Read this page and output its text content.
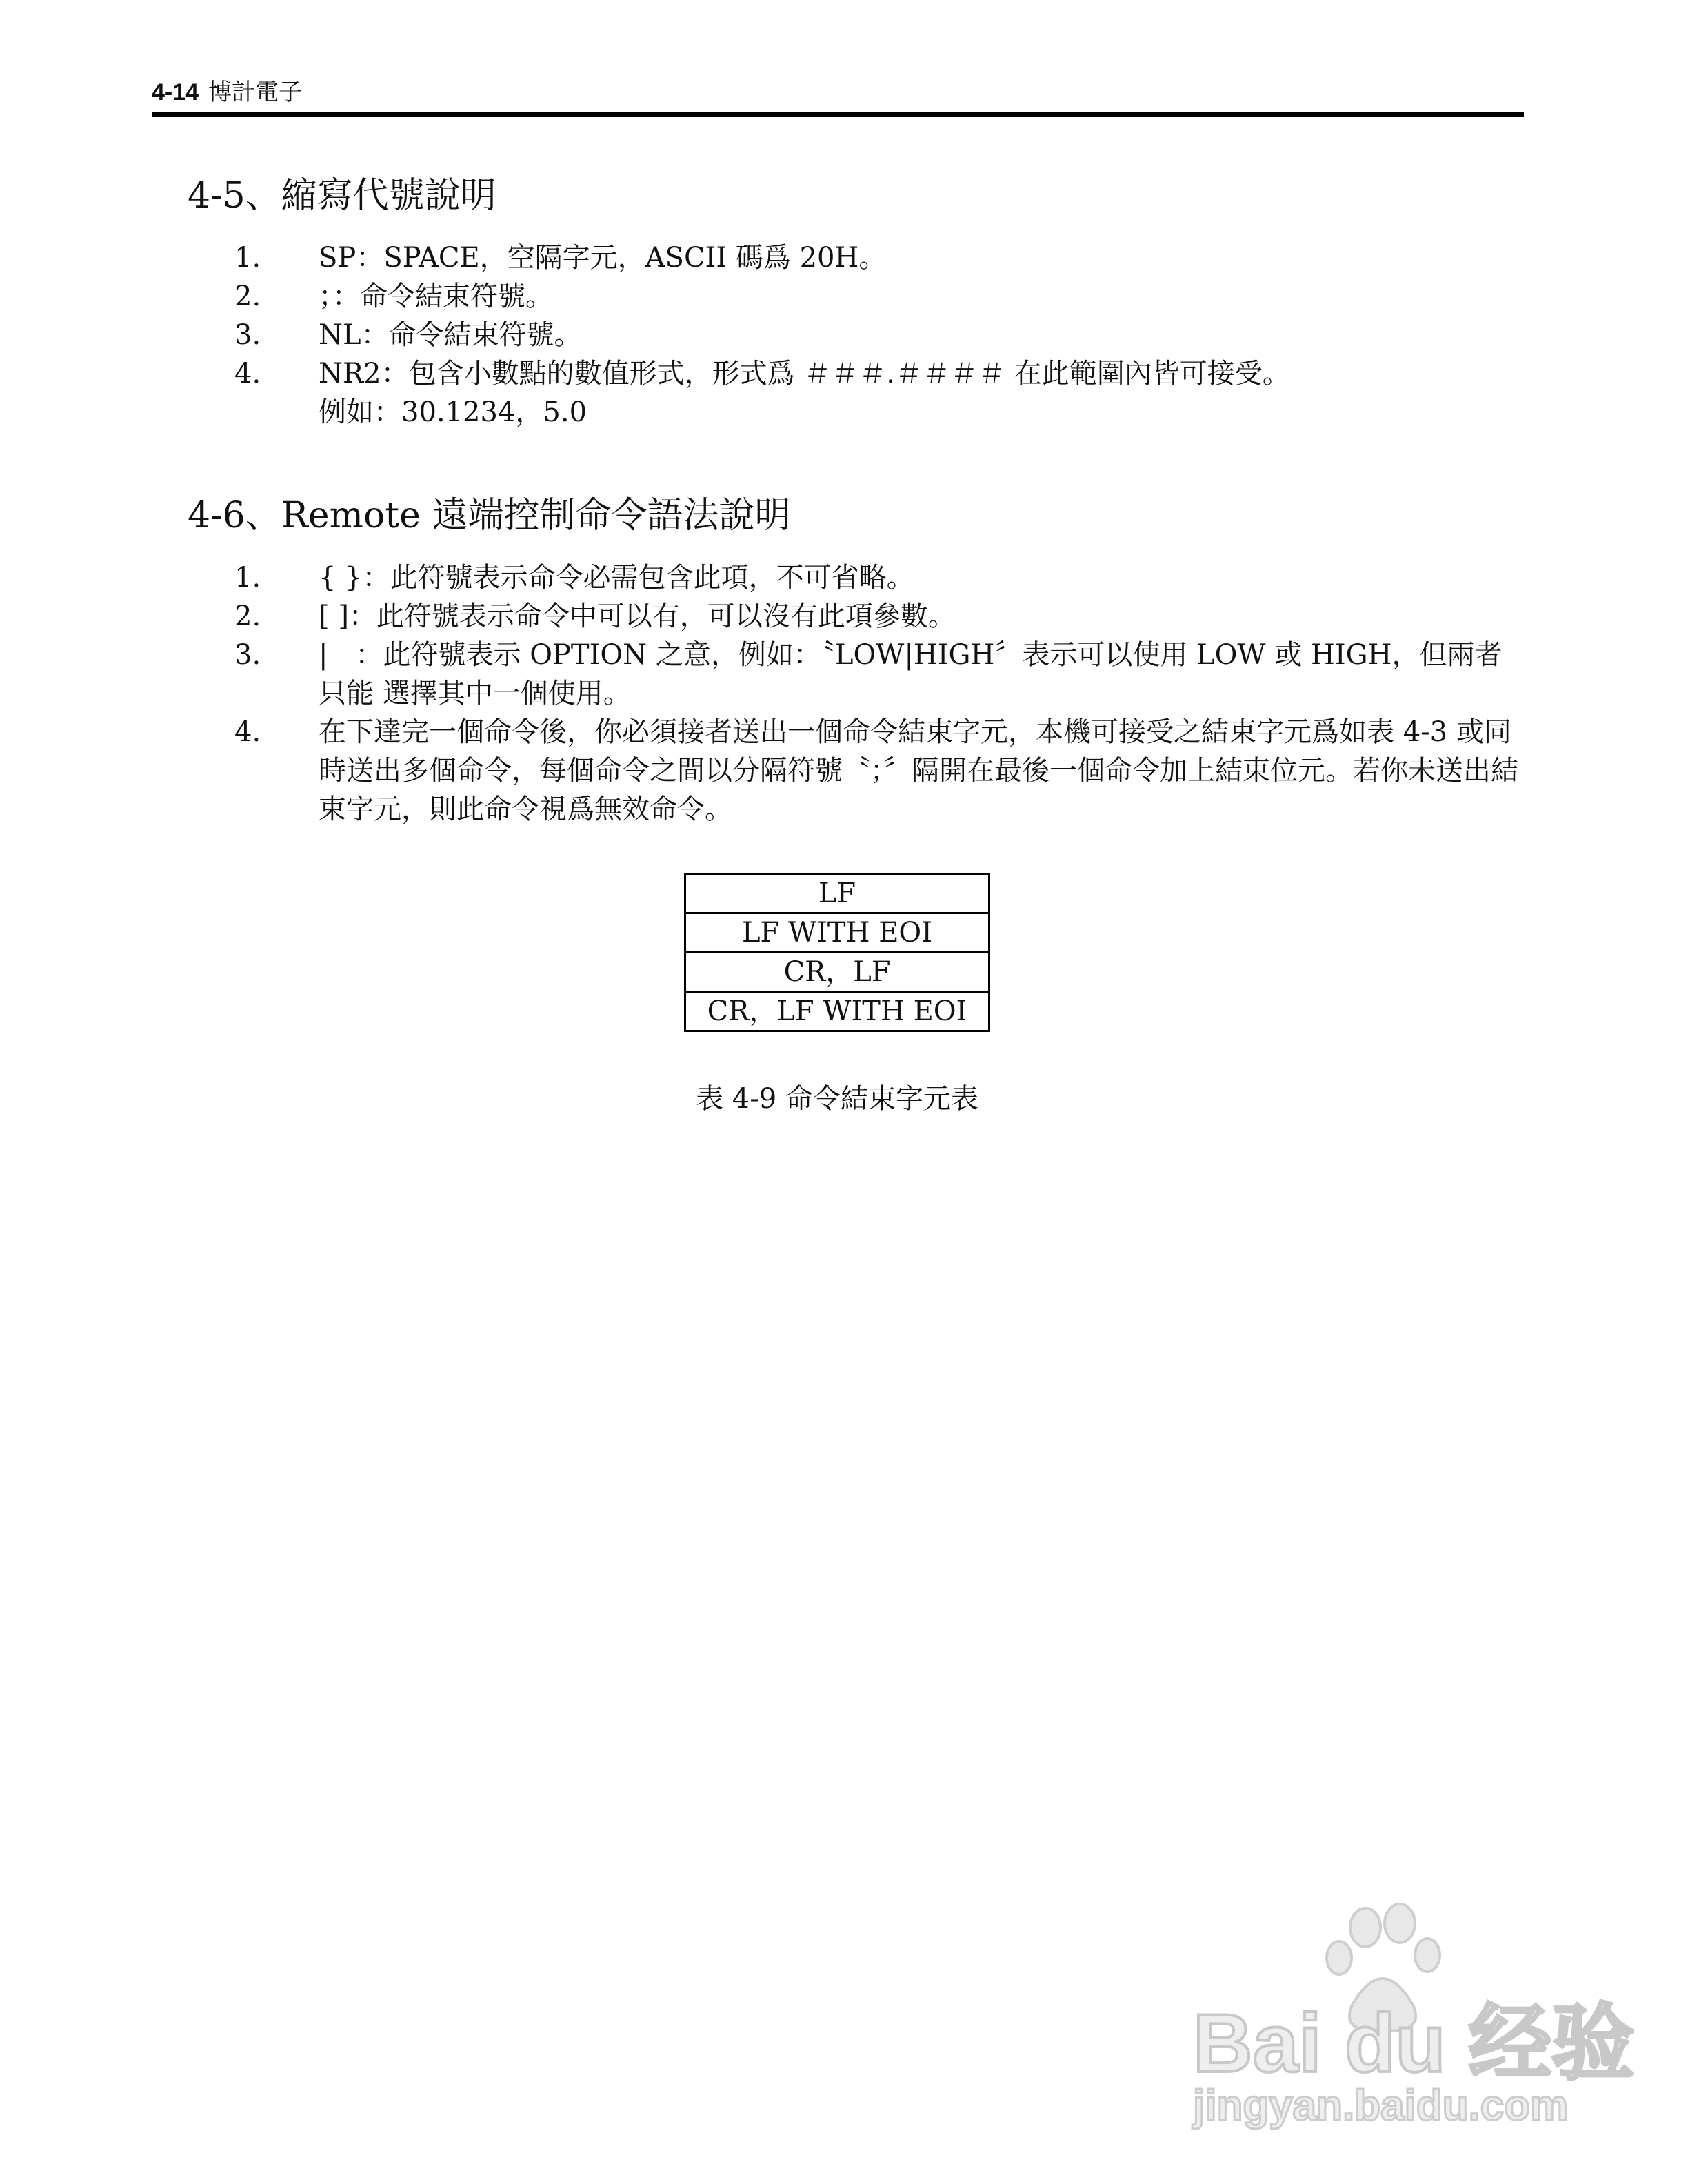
4-14 博計電子
4-5、縮寫代號說明
1.	SP：SPACE，空隔字元，ASCII 碼爲 20H。
2.	；：命令結束符號。
3.	NL：命令結束符號。
4.	NR2：包含小數點的數值形式，形式爲 ＃＃＃.＃＃＃＃ 在此範圍內皆可接受。
例如：30.1234，5.0
4-6、Remote 遠端控制命令語法說明
1.	{ }：此符號表示命令必需包含此項，不可省略。
2.	[ ]：此符號表示命令中可以有，可以沒有此項參數。
3.	|　：此符號表示 OPTION 之意，例如：〝LOW|HIGH〞表示可以使用 LOW 或 HIGH，但兩者只能 選擇其中一個使用。
4.	在下達完一個命令後，你必須接者送出一個命令結束字元，本機可接受之結束字元爲如表 4-3 或同時送出多個命令，每個命令之間以分隔符號〝；〞隔開在最後一個命令加上結束位元。若你未送出結束字元，則此命令視爲無效命令。
LF
LF WITH EOI
CR，LF
CR，LF WITH EOI
表 4-9 命令結束字元表
Bai du 经验
jingyan.baidu.com
